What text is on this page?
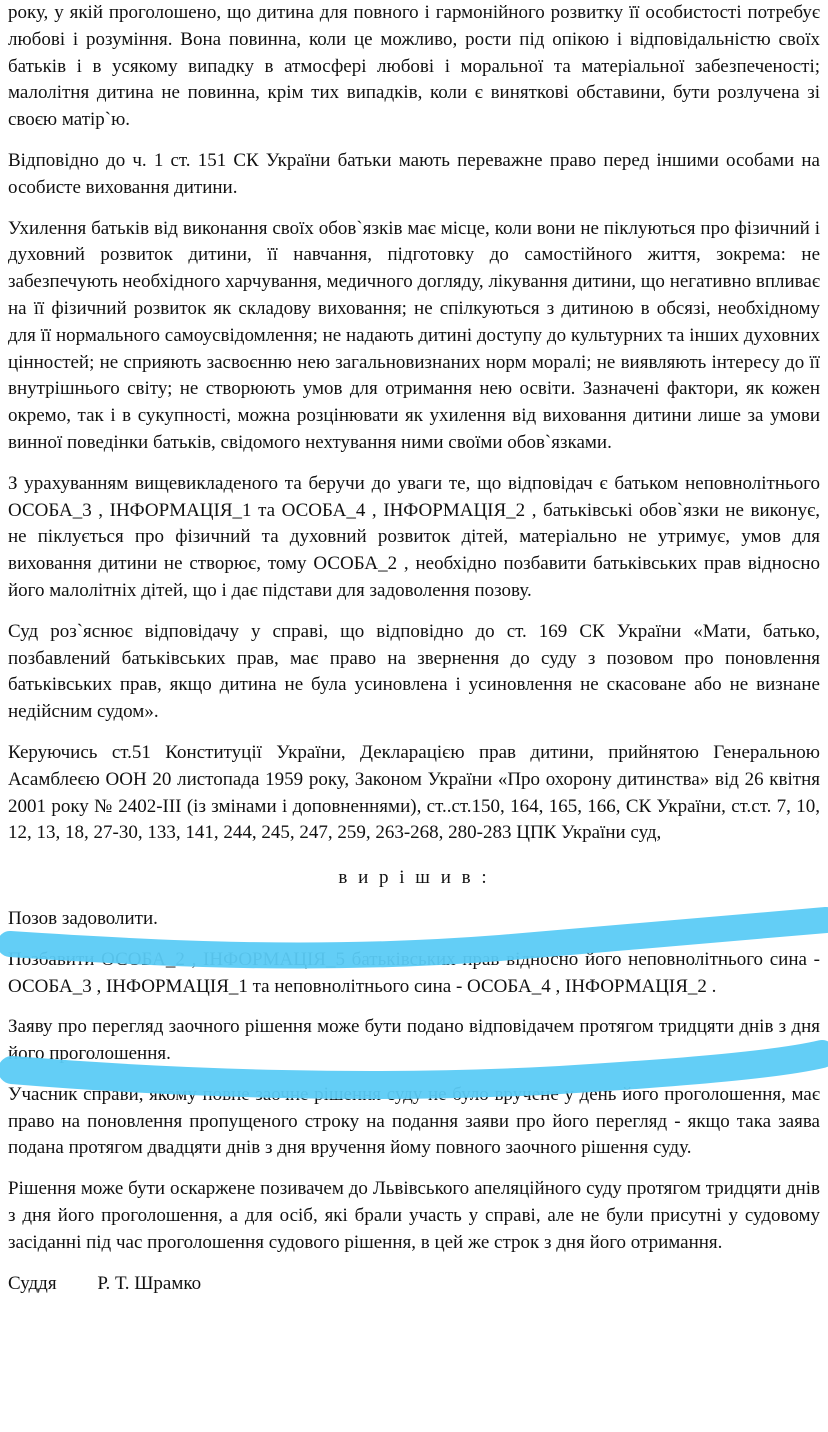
року, у якій проголошено, що дитина для повного і гармонійного розвитку її особистості потребує любові і розуміння. Вона повинна, коли це можливо, рости під опікою і відповідальністю своїх батьків і в усякому випадку в атмосфері любові і моральної та матеріальної забезпеченості; малолітня дитина не повинна, крім тих випадків, коли є виняткові обставини, бути розлучена зі своєю матір`ю.

Відповідно до ч. 1 ст. 151 СК України батьки мають переважне право перед іншими особами на особисте виховання дитини.

Ухилення батьків від виконання своїх обов`язків має місце, коли вони не піклуються про фізичний і духовний розвиток дитини, її навчання, підготовку до самостійного життя, зокрема: не забезпечують необхідного харчування, медичного догляду, лікування дитини, що негативно впливає на її фізичний розвиток як складову виховання; не спілкуються з дитиною в обсязі, необхідному для її нормального самоусвідомлення; не надають дитині доступу до культурних та інших духовних цінностей; не сприяють засвоєнню нею загальновизнаних норм моралі; не виявляють інтересу до її внутрішнього світу; не створюють умов для отримання нею освіти. Зазначені фактори, як кожен окремо, так і в сукупності, можна розцінювати як ухилення від виховання дитини лише за умови винної поведінки батьків, свідомого нехтування ними своїми обов`язками.

З урахуванням вищевикладеного та беручи до уваги те, що відповідач є батьком неповнолітнього ОСОБА_3 , ІНФОРМАЦІЯ_1 та ОСОБА_4 , ІНФОРМАЦІЯ_2 , батьківські обов`язки не виконує, не піклується про фізичний та духовний розвиток дітей, матеріально не утримує, умов для виховання дитини не створює, тому ОСОБА_2 , необхідно позбавити батьківських прав відносно його малолітніх дітей, що і дає підстави для задоволення позову.

Суд роз`яснює відповідачу у справі, що відповідно до ст. 169 СК України «Мати, батько, позбавлений батьківських прав, має право на звернення до суду з позовом про поновлення батьківських прав, якщо дитина не була усиновлена і усиновлення не скасоване або не визнане недійсним судом».

Керуючись ст.51 Конституції України, Декларацією прав дитини, прийнятою Генеральною Асамблеєю ООН 20 листопада 1959 року, Законом України «Про охорону дитинства» від 26 квітня 2001 року № 2402-III (із змінами і доповненнями), ст..ст.150, 164, 165, 166, СК України, ст.ст. 7, 10, 12, 13, 18, 27-30, 133, 141, 244, 245, 247, 259, 263-268, 280-283 ЦПК України суд,

в и р і ш и в :

Позов задоволити.

Позбавити ОСОБА_2 , ІНФОРМАЦІЯ_5 батьківських прав відносно його неповнолітнього сина - ОСОБА_3 , ІНФОРМАЦІЯ_1 та неповнолітнього сина - ОСОБА_4 , ІНФОРМАЦІЯ_2 .

Заяву про перегляд заочного рішення може бути подано відповідачем протягом тридцяти днів з дня його проголошення.

Учасник справи, якому повне заочне рішення суду не було вручене у день його проголошення, має право на поновлення пропущеного строку на подання заяви про його перегляд - якщо така заява подана протягом двадцяти днів з дня вручення йому повного заочного рішення суду.

Рішення може бути оскаржене позивачем до Львівського апеляційного суду протягом тридцяти днів з дня його проголошення, а для осіб, які брали участь у справі, але не були присутні у судовому засіданні під час проголошення судового рішення, в цей же строк з дня його отримання.

Суддя Р. Т. Шрамко
